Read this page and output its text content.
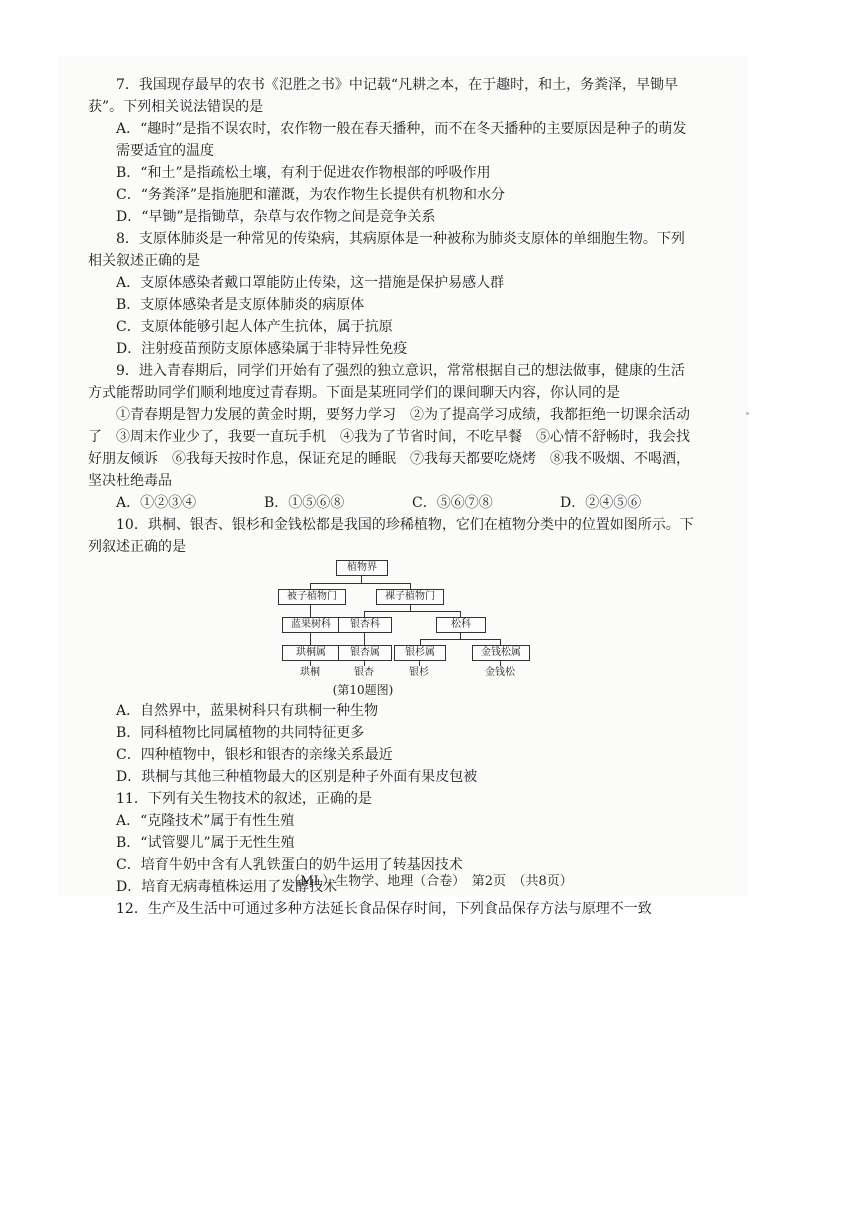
7．我国现存最早的农书《氾胜之书》中记载“凡耕之本，在于趣时，和土，务粪泽，早锄早获”。下列相关说法错误的是

A．“趣时”是指不误农时，农作物一般在春天播种，而不在冬天播种的主要原因是种子的萌发需要适宜的温度

B．“和土”是指疏松土壤，有利于促进农作物根部的呼吸作用

C．“务粪泽”是指施肥和灌溉，为农作物生长提供有机物和水分

D．“早锄”是指锄草，杂草与农作物之间是竞争关系

8．支原体肺炎是一种常见的传染病，其病原体是一种被称为肺炎支原体的单细胞生物。下列相关叙述正确的是

A．支原体感染者戴口罩能防止传染，这一措施是保护易感人群

B．支原体感染者是支原体肺炎的病原体

C．支原体能够引起人体产生抗体，属于抗原

D．注射疫苗预防支原体感染属于非特异性免疫

9．进入青春期后，同学们开始有了强烈的独立意识，常常根据自己的想法做事，健康的生活方式能帮助同学们顺利地度过青春期。下面是某班同学们的课间聊天内容，你认同的是

①青春期是智力发展的黄金时期，要努力学习　②为了提高学习成绩，我都拒绝一切课余活动了　③周末作业少了，我要一直玩手机　④我为了节省时间，不吃早餐　⑤心情不舒畅时，我会找好朋友倾诉　⑥我每天按时作息，保证充足的睡眠　⑦我每天都要吃烧烤　⑧我不吸烟、不喝酒，坚决杜绝毒品

A．①②③④	B．①⑤⑥⑧	C．⑤⑥⑦⑧	D．②④⑤⑥

10．珙桐、银杏、银杉和金钱松都是我国的珍稀植物，它们在植物分类中的位置如图所示。下列叙述正确的是

植物界
被子植物门	裸子植物门
蓝果树科	银杏科	松科
珙桐属	银杏属	银杉属	金钱松属
珙桐	银杏	银杉	金钱松
(第10题图)

A．自然界中，蓝果树科只有珙桐一种生物

B．同科植物比同属植物的共同特征更多

C．四种植物中，银杉和银杏的亲缘关系最近

D．珙桐与其他三种植物最大的区别是种子外面有果皮包被

11．下列有关生物技术的叙述，正确的是

A．“克隆技术”属于有性生殖

B．“试管婴儿”属于无性生殖

C．培育牛奶中含有人乳铁蛋白的奶牛运用了转基因技术

D．培育无病毒植株运用了发酵技术

12．生产及生活中可通过多种方法延长食品保存时间，下列食品保存方法与原理不一致

（ML）生物学、地理（合卷）　第2页　（共8页）
